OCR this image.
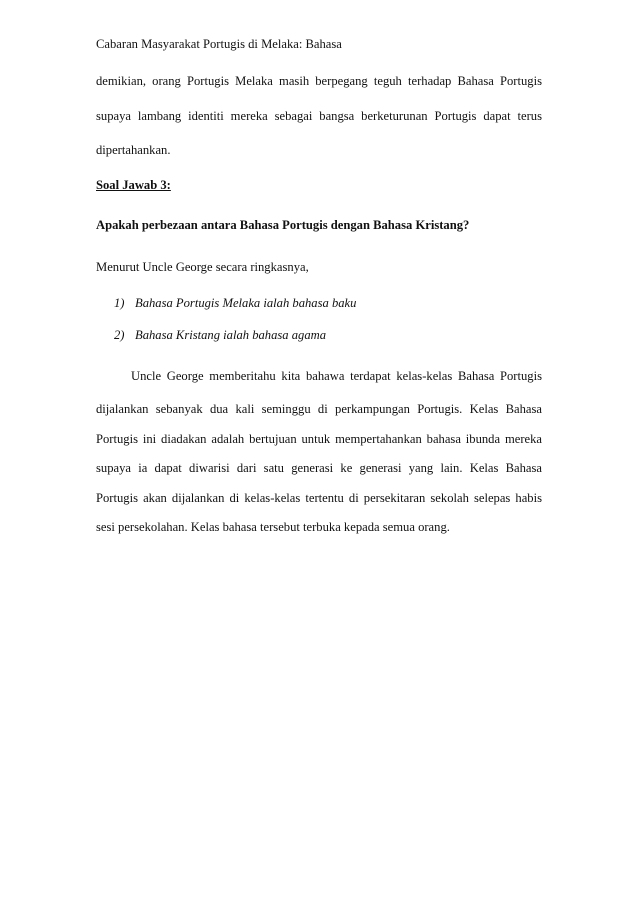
Cabaran Masyarakat Portugis di Melaka: Bahasa
demikian, orang Portugis Melaka masih berpegang teguh terhadap Bahasa Portugis
supaya lambang identiti mereka sebagai bangsa berketurunan Portugis dapat terus
dipertahankan.
Soal Jawab 3:
Apakah perbezaan antara Bahasa Portugis dengan Bahasa Kristang?
Menurut Uncle George secara ringkasnya,
1) Bahasa Portugis Melaka ialah bahasa baku
2) Bahasa Kristang ialah bahasa agama
Uncle George memberitahu kita bahawa terdapat kelas-kelas Bahasa Portugis
dijalankan sebanyak dua kali seminggu di perkampungan Portugis. Kelas Bahasa
Portugis ini diadakan adalah bertujuan untuk mempertahankan bahasa ibunda mereka
supaya ia dapat diwarisi dari satu generasi ke generasi yang lain. Kelas Bahasa
Portugis akan dijalankan di kelas-kelas tertentu di persekitaran sekolah selepas habis
sesi persekolahan. Kelas bahasa tersebut terbuka kepada semua orang.
